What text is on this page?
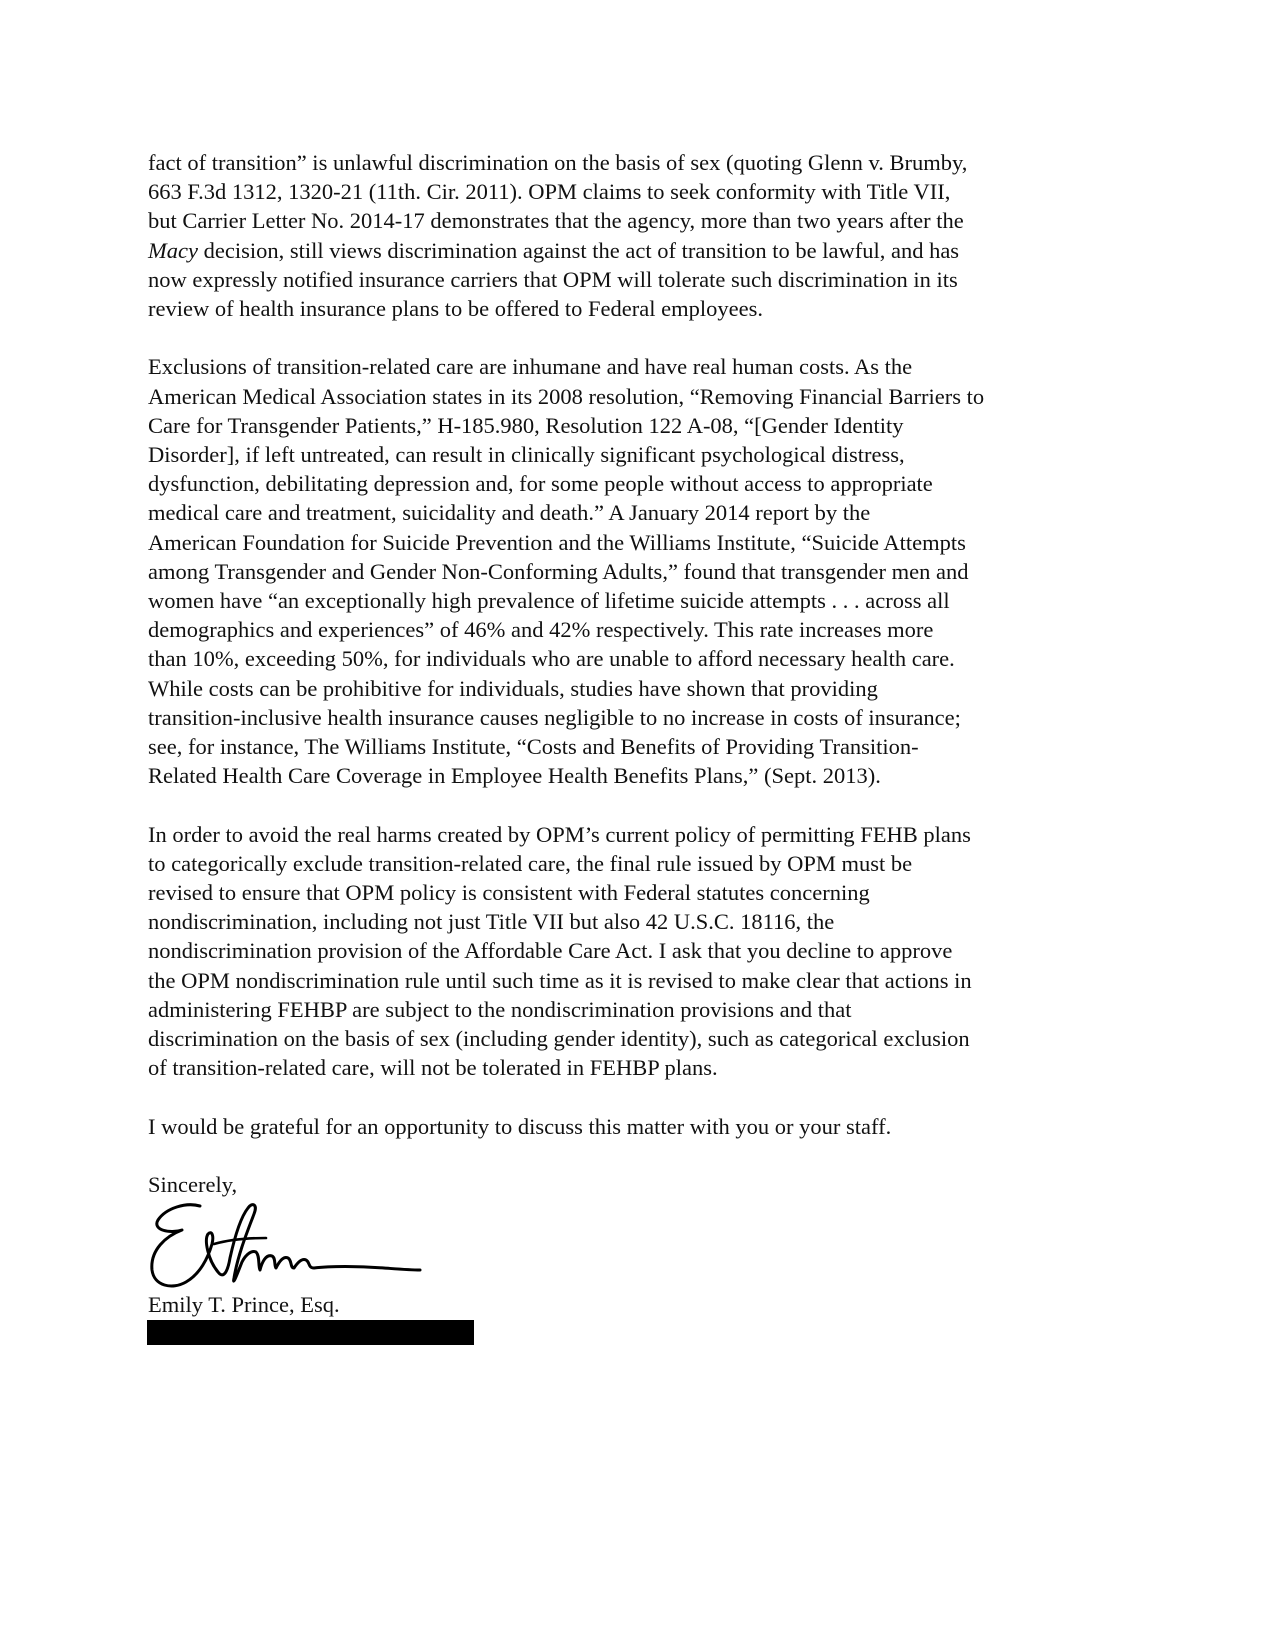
fact of transition” is unlawful discrimination on the basis of sex (quoting Glenn v. Brumby,
663 F.3d 1312, 1320-21 (11th. Cir. 2011). OPM claims to seek conformity with Title VII,
but Carrier Letter No. 2014-17 demonstrates that the agency, more than two years after the
Macy decision, still views discrimination against the act of transition to be lawful, and has
now expressly notified insurance carriers that OPM will tolerate such discrimination in its
review of health insurance plans to be offered to Federal employees.

Exclusions of transition-related care are inhumane and have real human costs. As the
American Medical Association states in its 2008 resolution, “Removing Financial Barriers to
Care for Transgender Patients,” H-185.980, Resolution 122 A-08, “[Gender Identity
Disorder], if left untreated, can result in clinically significant psychological distress,
dysfunction, debilitating depression and, for some people without access to appropriate
medical care and treatment, suicidality and death.” A January 2014 report by the
American Foundation for Suicide Prevention and the Williams Institute, “Suicide Attempts
among Transgender and Gender Non-Conforming Adults,” found that transgender men and
women have “an exceptionally high prevalence of lifetime suicide attempts . . . across all
demographics and experiences” of 46% and 42% respectively. This rate increases more
than 10%, exceeding 50%, for individuals who are unable to afford necessary health care.
While costs can be prohibitive for individuals, studies have shown that providing
transition-inclusive health insurance causes negligible to no increase in costs of insurance;
see, for instance, The Williams Institute, “Costs and Benefits of Providing Transition-
Related Health Care Coverage in Employee Health Benefits Plans,” (Sept. 2013).

In order to avoid the real harms created by OPM’s current policy of permitting FEHB plans
to categorically exclude transition-related care, the final rule issued by OPM must be
revised to ensure that OPM policy is consistent with Federal statutes concerning
nondiscrimination, including not just Title VII but also 42 U.S.C. 18116, the
nondiscrimination provision of the Affordable Care Act. I ask that you decline to approve
the OPM nondiscrimination rule until such time as it is revised to make clear that actions in
administering FEHBP are subject to the nondiscrimination provisions and that
discrimination on the basis of sex (including gender identity), such as categorical exclusion
of transition-related care, will not be tolerated in FEHBP plans.

I would be grateful for an opportunity to discuss this matter with you or your staff.

Sincerely,

Emily T. Prince, Esq.
